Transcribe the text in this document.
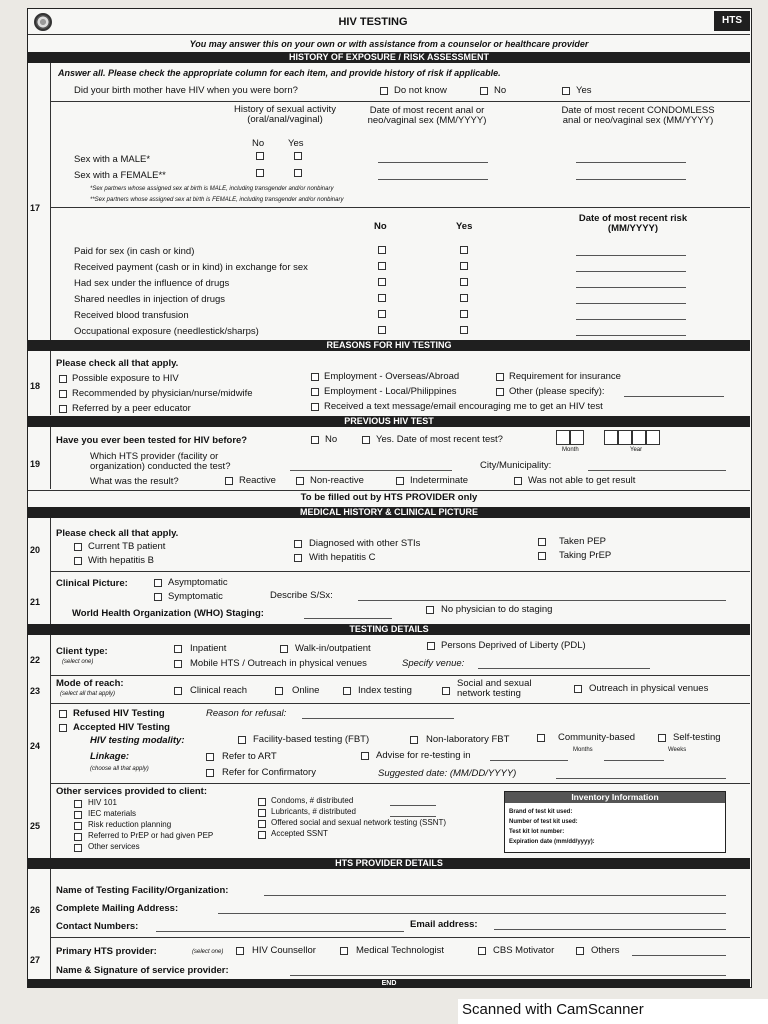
HIV TESTING	HTS
You may answer this on your own or with assistance from a counselor or healthcare provider
HISTORY OF EXPOSURE / RISK ASSESSMENT
17
Answer all. Please check the appropriate column for each item, and provide history of risk if applicable.
Did your birth mother have HIV when you were born?	Do not know	No	Yes
History of sexual activity (oral/anal/vaginal)
Date of most recent anal or neo/vaginal sex (MM/YYYY)
Date of most recent CONDOMLESS anal or neo/vaginal sex (MM/YYYY)
No	Yes
Sex with a MALE*
Sex with a FEMALE**
*Sex partners whose assigned sex at birth is MALE, including transgender and/or nonbinary
**Sex partners whose assigned sex at birth is FEMALE, including transgender and/or nonbinary
No	Yes
Date of most recent risk (MM/YYYY)
Paid for sex (in cash or kind)
Received payment (cash or in kind) in exchange for sex
Had sex under the influence of drugs
Shared needles in injection of drugs
Received blood transfusion
Occupational exposure (needlestick/sharps)
REASONS FOR HIV TESTING
18
Please check all that apply.
Possible exposure to HIV
Recommended by physician/nurse/midwife
Referred by a peer educator
Employment - Overseas/Abroad
Employment - Local/Philippines
Received a text message/email encouraging me to get an HIV test
Requirement for insurance
Other (please specify):
PREVIOUS HIV TEST
19
Have you ever been tested for HIV before?	No	Yes. Date of most recent test?
Month	Year
Which HTS provider (facility or organization) conducted the test?	City/Municipality:
What was the result?	Reactive	Non-reactive	Indeterminate	Was not able to get result
To be filled out by HTS PROVIDER only
MEDICAL HISTORY & CLINICAL PICTURE
20
Please check all that apply.
Current TB patient
With hepatitis B
Diagnosed with other STIs
With hepatitis C
Taken PEP
Taking PrEP
21
Clinical Picture:	Asymptomatic
Symptomatic	Describe S/Sx:
World Health Organization (WHO) Staging:	No physician to do staging
TESTING DETAILS
22
Client type:
(select one)
Inpatient	Walk-in/outpatient	Persons Deprived of Liberty (PDL)
Mobile HTS / Outreach in physical venues	Specify venue:
23
Mode of reach:
(select all that apply)	Clinical reach	Online	Index testing
Social and sexual network testing	Outreach in physical venues
24
Refused HIV Testing	Reason for refusal:
Accepted HIV Testing
HIV testing modality:	Facility-based testing (FBT)	Non-laboratory FBT	Community-based	Self-testing
Linkage:
(choose all that apply)
Refer to ART
Refer for Confirmatory
Advise for re-testing in	Months	Weeks
Suggested date: (MM/DD/YYYY)
25
Other services provided to client:
HIV 101
IEC materials
Risk reduction planning
Referred to PrEP or had given PEP
Other services
Condoms, # distributed
Lubricants, # distributed
Offered social and sexual network testing (SSNT)
Accepted SSNT
Inventory Information
Brand of test kit used:
Number of test kit used:
Test kit lot number:
Expiration date (mm/dd/yyyy):
HTS PROVIDER DETAILS
26
Name of Testing Facility/Organization:
Complete Mailing Address:
Contact Numbers:	Email address:
27
Primary HTS provider:	(select one)	HIV Counsellor	Medical Technologist	CBS Motivator	Others
Name & Signature of service provider:
END
Scanned with CamScanner
